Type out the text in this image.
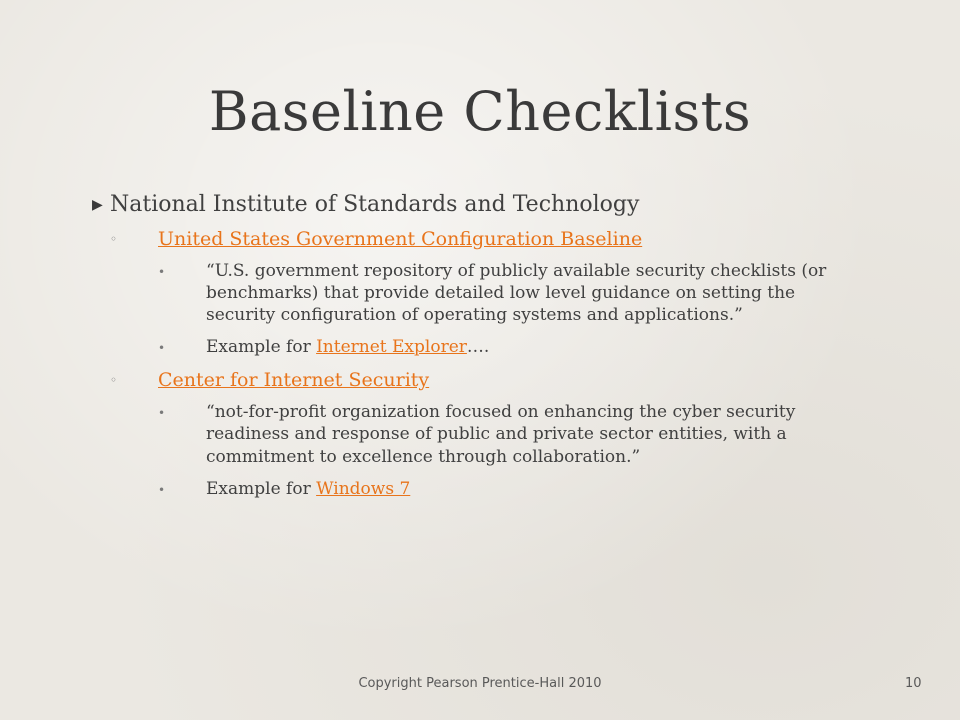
Baseline Checklists
▶ National Institute of Standards and Technology
◦	United States Government Configuration Baseline
•	“U.S. government repository of publicly available security checklists (or benchmarks) that provide detailed low level guidance on setting the security configuration of operating systems and applications.”
•	Example for Internet Explorer….
◦	Center for Internet Security
•	“not-for-profit organization focused on enhancing the cyber security readiness and response of public and private sector entities, with a commitment to excellence through collaboration.”
•	Example for Windows 7
Copyright Pearson Prentice-Hall 2010	10
